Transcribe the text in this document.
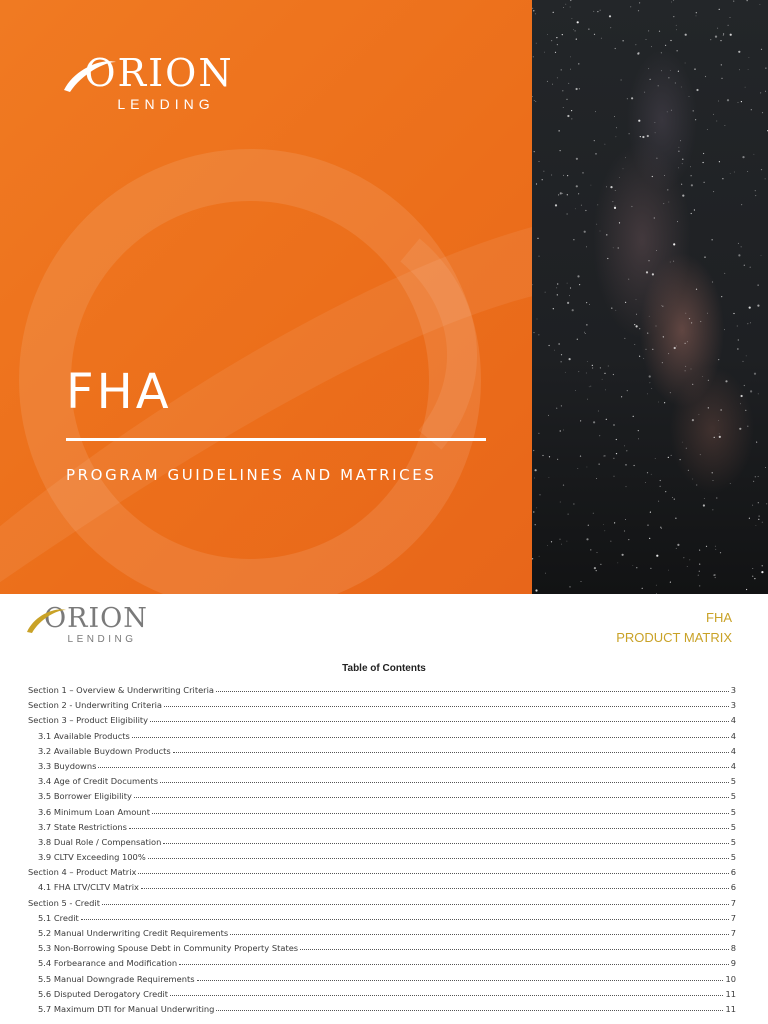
ORION
LENDING
FHA
PROGRAM GUIDELINES AND MATRICES
ORION
LENDING
FHA
PRODUCT MATRIX
Table of Contents
Section 1 – Overview & Underwriting Criteria	3
Section 2 - Underwriting Criteria	3
Section 3 – Product Eligibility	4
3.1 Available Products	4
3.2 Available Buydown Products	4
3.3 Buydowns	4
3.4 Age of Credit Documents	5
3.5 Borrower Eligibility	5
3.6 Minimum Loan Amount	5
3.7 State Restrictions	5
3.8 Dual Role / Compensation	5
3.9 CLTV Exceeding 100%	5
Section 4 – Product Matrix	6
4.1 FHA LTV/CLTV Matrix	6
Section 5 - Credit	7
5.1 Credit	7
5.2 Manual Underwriting Credit Requirements	7
5.3 Non-Borrowing Spouse Debt in Community Property States	8
5.4 Forbearance and Modification	9
5.5 Manual Downgrade Requirements	10
5.6 Disputed Derogatory Credit	11
5.7 Maximum DTI for Manual Underwriting	11
